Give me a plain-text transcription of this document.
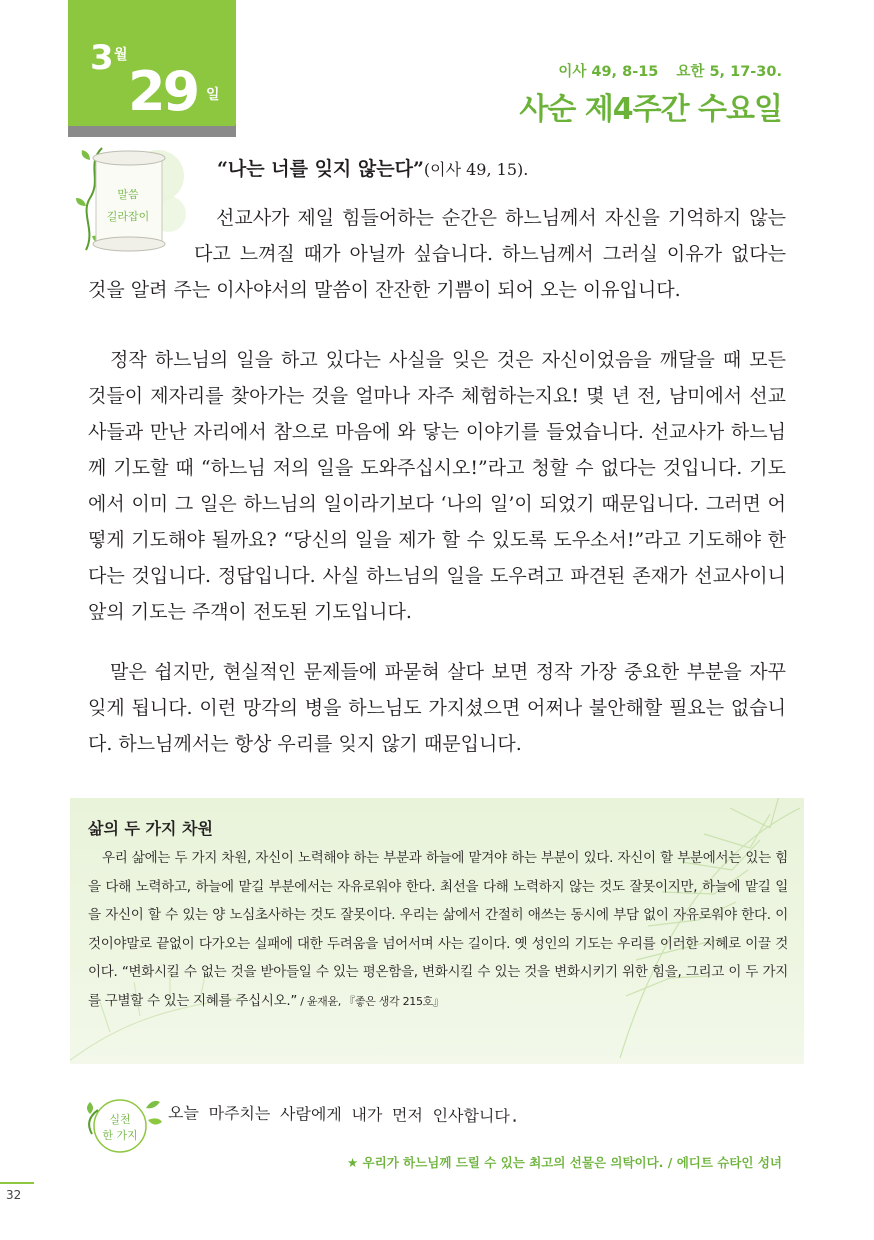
3 월
29 일
이사 49, 8-15 요한 5, 17-30.
사순 제4주간 수요일
말씀
길라잡이
“나는 너를 잊지 않는다”(이사 49, 15).
선교사가 제일 힘들어하는 순간은 하느님께서 자신을 기억하지 않는다고 느껴질 때가 아닐까 싶습니다. 하느님께서 그러실 이유가 없다는 것을 알려 주는 이사야서의 말씀이 잔잔한 기쁨이 되어 오는 이유입니다.
정작 하느님의 일을 하고 있다는 사실을 잊은 것은 자신이었음을 깨달을 때 모든 것들이 제자리를 찾아가는 것을 얼마나 자주 체험하는지요! 몇 년 전, 남미에서 선교사들과 만난 자리에서 참으로 마음에 와 닿는 이야기를 들었습니다. 선교사가 하느님께 기도할 때 “하느님 저의 일을 도와주십시오!”라고 청할 수 없다는 것입니다. 기도에서 이미 그 일은 하느님의 일이라기보다 ‘나의 일’이 되었기 때문입니다. 그러면 어떻게 기도해야 될까요? “당신의 일을 제가 할 수 있도록 도우소서!”라고 기도해야 한다는 것입니다. 정답입니다. 사실 하느님의 일을 도우려고 파견된 존재가 선교사이니 앞의 기도는 주객이 전도된 기도입니다.
말은 쉽지만, 현실적인 문제들에 파묻혀 살다 보면 정작 가장 중요한 부분을 자꾸 잊게 됩니다. 이런 망각의 병을 하느님도 가지셨으면 어쩌나 불안해할 필요는 없습니다. 하느님께서는 항상 우리를 잊지 않기 때문입니다.
삶의 두 가지 차원
우리 삶에는 두 가지 차원, 자신이 노력해야 하는 부분과 하늘에 맡겨야 하는 부분이 있다. 자신이 할 부분에서는 있는 힘을 다해 노력하고, 하늘에 맡길 부분에서는 자유로워야 한다. 최선을 다해 노력하지 않는 것도 잘못이지만, 하늘에 맡길 일을 자신이 할 수 있는 양 노심초사하는 것도 잘못이다. 우리는 삶에서 간절히 애쓰는 동시에 부담 없이 자유로워야 한다. 이것이야말로 끝없이 다가오는 실패에 대한 두려움을 넘어서며 사는 길이다. 옛 성인의 기도는 우리를 이러한 지혜로 이끌 것이다. “변화시킬 수 없는 것을 받아들일 수 있는 평온함을, 변화시킬 수 있는 것을 변화시키기 위한 힘을, 그리고 이 두 가지를 구별할 수 있는 지혜를 주십시오.” / 윤재윤, 『좋은 생각 215호』
실천
한 가지
오늘 마주치는 사람에게 내가 먼저 인사합니다.
★ 우리가 하느님께 드릴 수 있는 최고의 선물은 의탁이다. / 에디트 슈타인 성녀
32
